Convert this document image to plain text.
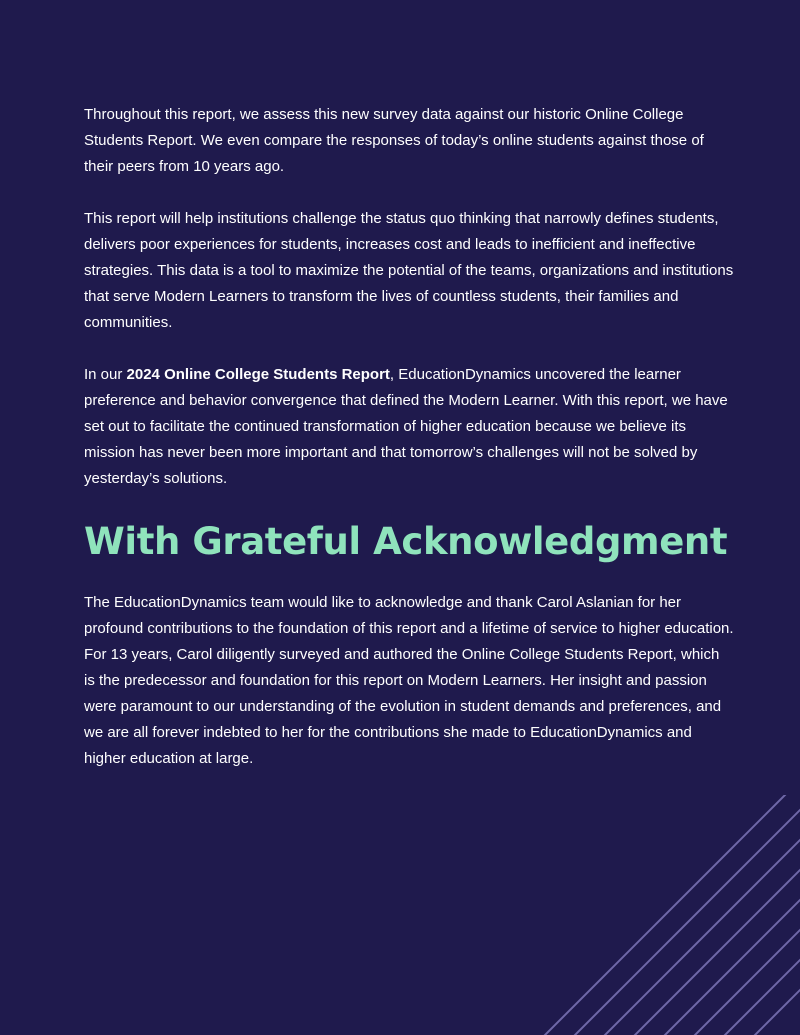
Throughout this report, we assess this new survey data against our historic Online College Students Report. We even compare the responses of today’s online students against those of their peers from 10 years ago.

This report will help institutions challenge the status quo thinking that narrowly defines students, delivers poor experiences for students, increases cost and leads to inefficient and ineffective strategies. This data is a tool to maximize the potential of the teams, organizations and institutions that serve Modern Learners to transform the lives of countless students, their families and communities.

In our 2024 Online College Students Report, EducationDynamics uncovered the learner preference and behavior convergence that defined the Modern Learner. With this report, we have set out to facilitate the continued transformation of higher education because we believe its mission has never been more important and that tomorrow’s challenges will not be solved by yesterday’s solutions.

With Grateful Acknowledgment

The EducationDynamics team would like to acknowledge and thank Carol Aslanian for her profound contributions to the foundation of this report and a lifetime of service to higher education. For 13 years, Carol diligently surveyed and authored the Online College Students Report, which is the predecessor and foundation for this report on Modern Learners. Her insight and passion were paramount to our understanding of the evolution in student demands and preferences, and we are all forever indebted to her for the contributions she made to EducationDynamics and higher education at large.
